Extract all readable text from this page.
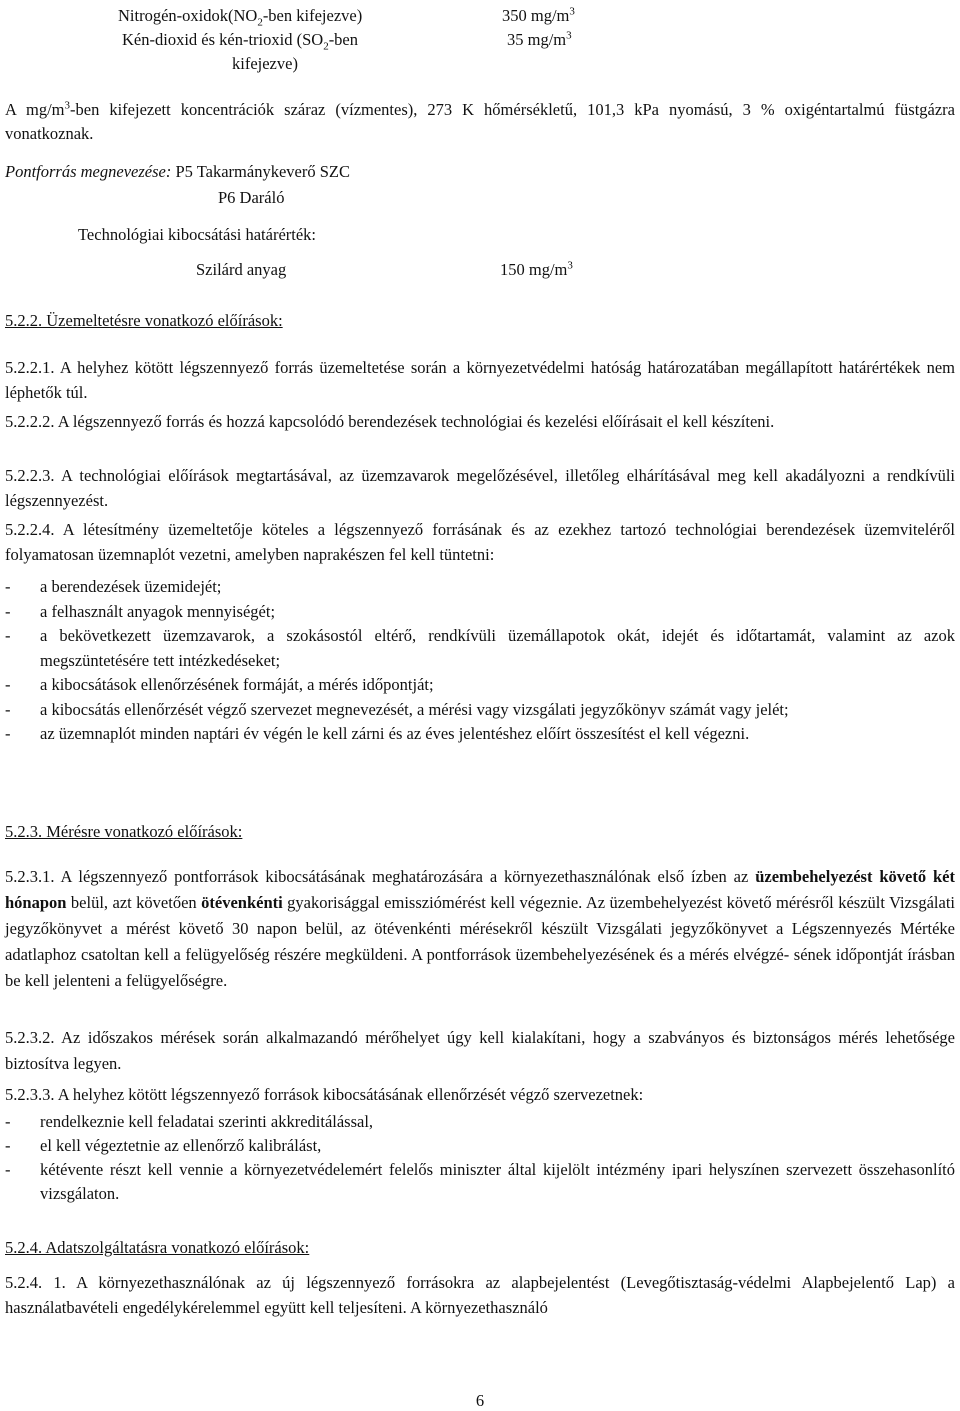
Nitrogén-$oxidok(NO_2$-ben kifejezve)	350 $mg/m^3$
Kén-dioxid és kén-trioxid ($SO_2$-ben	35 $mg/m^3$
kifejezve)
A $mg/m^3$-ben kifejezett koncentrációk száraz (vízmentes), 273 K hőmérsékletű, 101,3 kPa nyomású, 3 % oxigéntartalmú füstgázra vonatkoznak.
Pontforrás megnevezése: P5 Takarmánykeverő SZC
P6 Daráló
Technológiai kibocsátási határérték:
Szilárd anyag	150 $mg/m^3$
5.2.2. Üzemeltetésre vonatkozó előírások:
5.2.2.1. A helyhez kötött légszennyező forrás üzemeltetése során a környezetvédelmi hatóság határozatában megállapított határértékek nem léphetők túl.
5.2.2.2. A légszennyező forrás és hozzá kapcsolódó berendezések technológiai és kezelési előírásait el kell készíteni.
5.2.2.3. A technológiai előírások megtartásával, az üzemzavarok megelőzésével, illetőleg elhárításával meg kell akadályozni a rendkívüli légszennyezést.
5.2.2.4. A létesítmény üzemeltetője köteles a légszennyező forrásának és az ezekhez tartozó technológiai berendezések üzemviteléről folyamatosan üzemnaplót vezetni, amelyben naprakészen fel kell tüntetni:
-	a berendezések üzemidejét;
-	a felhasznált anyagok mennyiségét;
-	a bekövetkezett üzemzavarok, a szokásostól eltérő, rendkívüli üzemállapotok okát, idejét és időtartamát, valamint az azok megszüntetésére tett intézkedéseket;
-	a kibocsátások ellenőrzésének formáját, a mérés időpontját;
-	a kibocsátás ellenőrzését végző szervezet megnevezését, a mérési vagy vizsgálati jegyzőkönyv számát vagy jelét;
-	az üzemnaplót minden naptári év végén le kell zárni és az éves jelentéshez előírt összesítést el kell végezni.
5.2.3. Mérésre vonatkozó előírások:
5.2.3.1. A légszennyező pontforrások kibocsátásának meghatározására a környezethasználónak első ízben az üzembehelyezést követő két hónapon belül, azt követően ötévenkénti gyakorisággal emissziómérést kell végeznie. Az üzembehelyezést követő mérésről készült Vizsgálati jegyzőkönyvet a mérést követő 30 napon belül, az ötévenkénti mérésekről készült Vizsgálati jegyzőkönyvet a Légszennyezés Mértéke adatlaphoz csatoltan kell a felügyelőség részére megküldeni. A pontforrások üzembehelyezésének és a mérés elvégzé- sének időpontját írásban be kell jelenteni a felügyelőségre.
5.2.3.2. Az időszakos mérések során alkalmazandó mérőhelyet úgy kell kialakítani, hogy a szabványos és biztonságos mérés lehetősége biztosítva legyen.
5.2.3.3. A helyhez kötött légszennyező források kibocsátásának ellenőrzését végző szervezetnek:
-	rendelkeznie kell feladatai szerinti akkreditálással,
-	el kell végeztetnie az ellenőrző kalibrálást,
-	kétévente részt kell vennie a környezetvédelemért felelős miniszter által kijelölt intézmény ipari helyszínen szervezett összehasonlító vizsgálaton.
5.2.4. Adatszolgáltatásra vonatkozó előírások:
5.2.4. 1. A környezethasználónak az új légszennyező forrásokra az alapbejelentést (Levegőtisztaság-védelmi Alapbejelentő Lap) a használatbavételi engedélykérelemmel együtt kell teljesíteni. A környezethasználó
6
